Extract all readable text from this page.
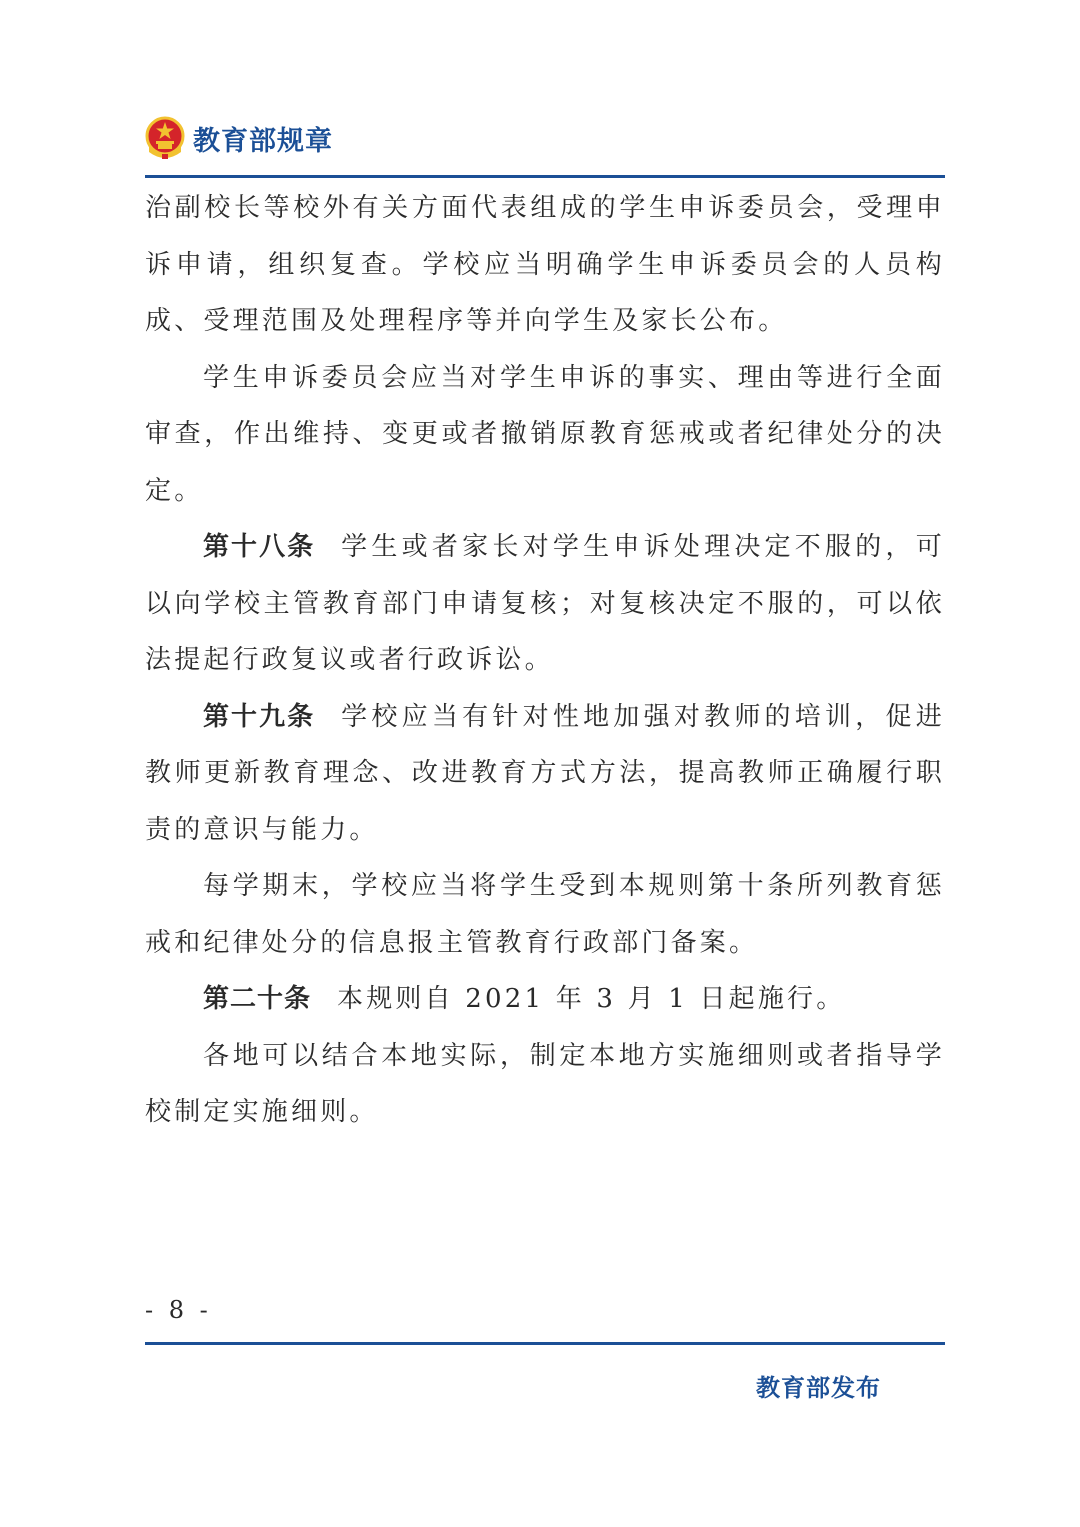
教育部规章

治副校长等校外有关方面代表组成的学生申诉委员会，受理申诉申请，组织复查。学校应当明确学生申诉委员会的人员构成、受理范围及处理程序等并向学生及家长公布。

学生申诉委员会应当对学生申诉的事实、理由等进行全面审查，作出维持、变更或者撤销原教育惩戒或者纪律处分的决定。

第十八条 学生或者家长对学生申诉处理决定不服的，可以向学校主管教育部门申请复核；对复核决定不服的，可以依法提起行政复议或者行政诉讼。

第十九条 学校应当有针对性地加强对教师的培训，促进教师更新教育理念、改进教育方式方法，提高教师正确履行职责的意识与能力。

每学期末，学校应当将学生受到本规则第十条所列教育惩戒和纪律处分的信息报主管教育行政部门备案。

第二十条 本规则自 2021 年 3 月 1 日起施行。

各地可以结合本地实际，制定本地方实施细则或者指导学校制定实施细则。

- 8 -
教育部发布
